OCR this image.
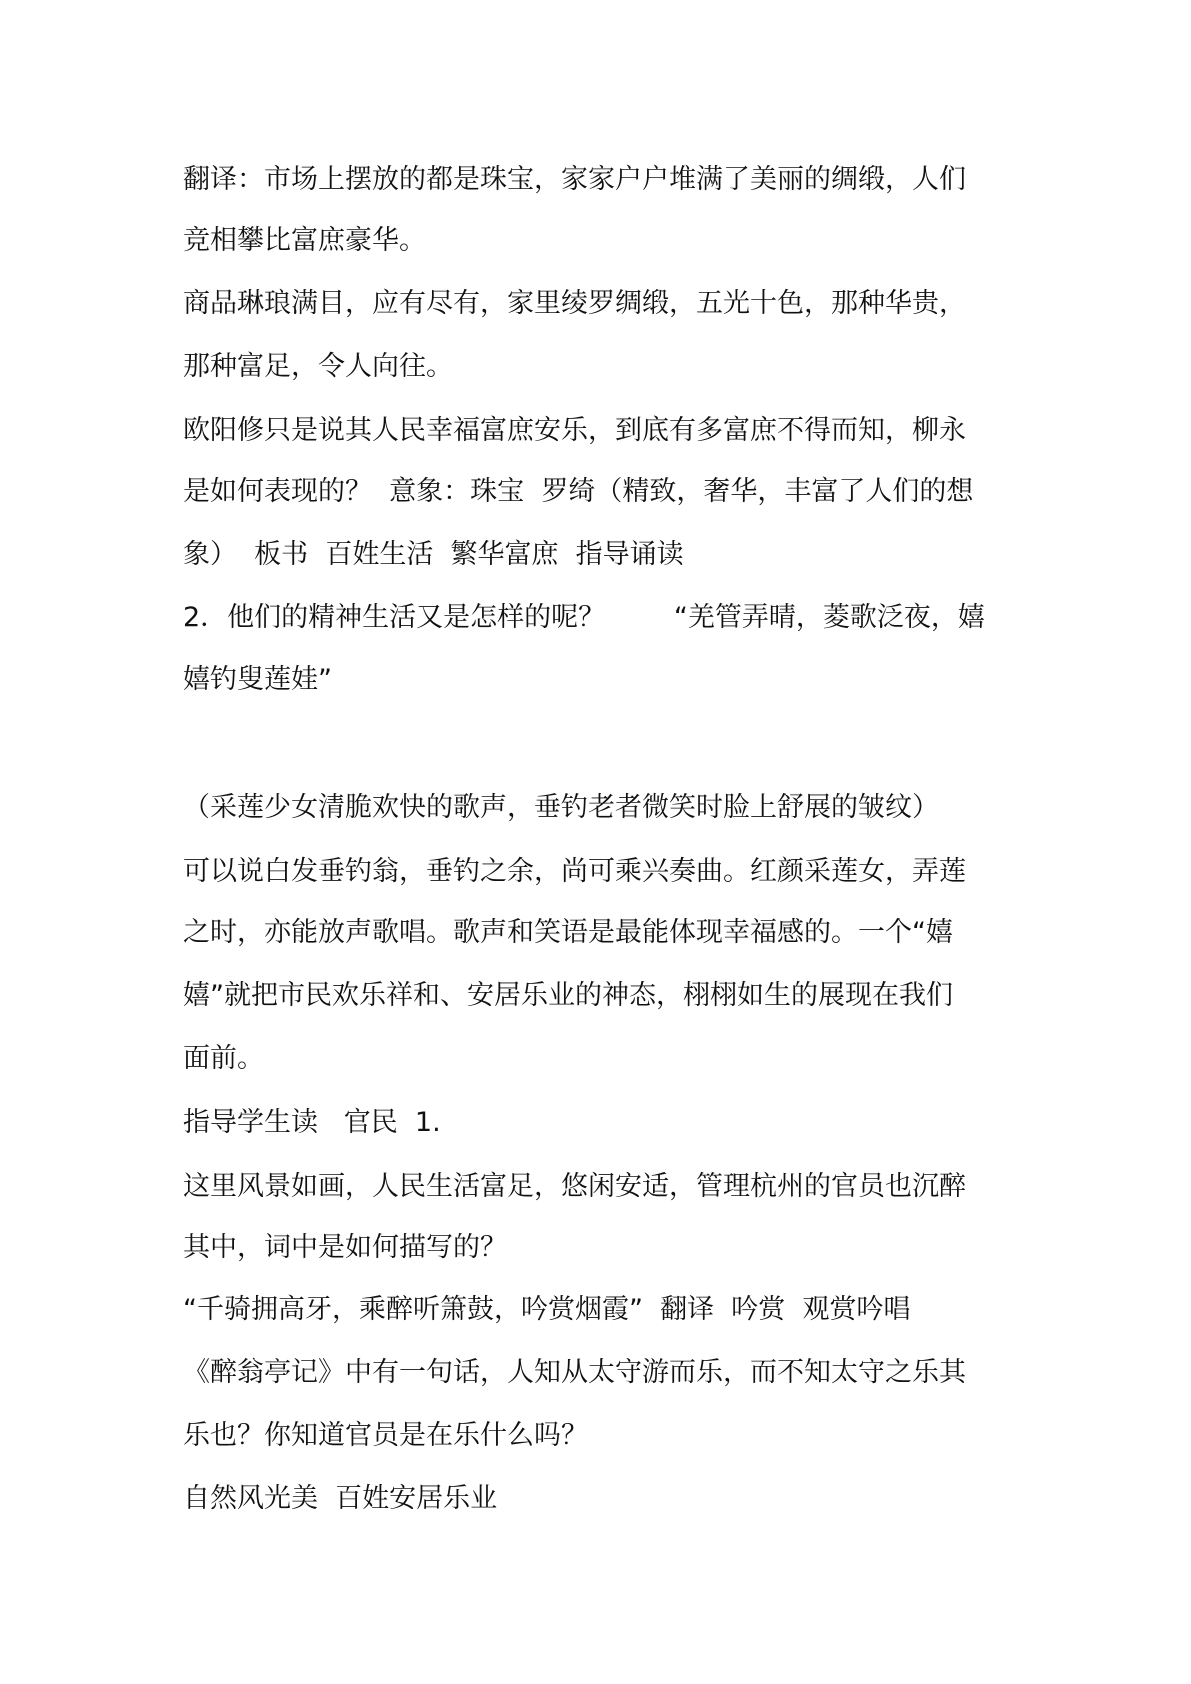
翻译：市场上摆放的都是珠宝，家家户户堆满了美丽的绸缎，人们

竞相攀比富庶豪华。

商品琳琅满目，应有尽有，家里绫罗绸缎，五光十色，那种华贵，

那种富足，令人向往。

欧阳修只是说其人民幸福富庶安乐，到底有多富庶不得而知，柳永

是如何表现的？  意象：珠宝  罗绮（精致，奢华，丰富了人们的想

象）  板书  百姓生活  繁华富庶  指导诵读

2．他们的精神生活又是怎样的呢？        “羌管弄晴，菱歌泛夜，嬉

嬉钓叟莲娃”

（采莲少女清脆欢快的歌声，垂钓老者微笑时脸上舒展的皱纹）

可以说白发垂钓翁，垂钓之余，尚可乘兴奏曲。红颜采莲女，弄莲

之时，亦能放声歌唱。歌声和笑语是最能体现幸福感的。一个“嬉

嬉”就把市民欢乐祥和、安居乐业的神态，栩栩如生的展现在我们

面前。

指导学生读   官民  1.

这里风景如画，人民生活富足，悠闲安适，管理杭州的官员也沉醉

其中，词中是如何描写的？

“千骑拥高牙，乘醉听箫鼓，吟赏烟霞”  翻译  吟赏  观赏吟唱

《醉翁亭记》中有一句话，人知从太守游而乐，而不知太守之乐其

乐也？你知道官员是在乐什么吗？

自然风光美  百姓安居乐业
